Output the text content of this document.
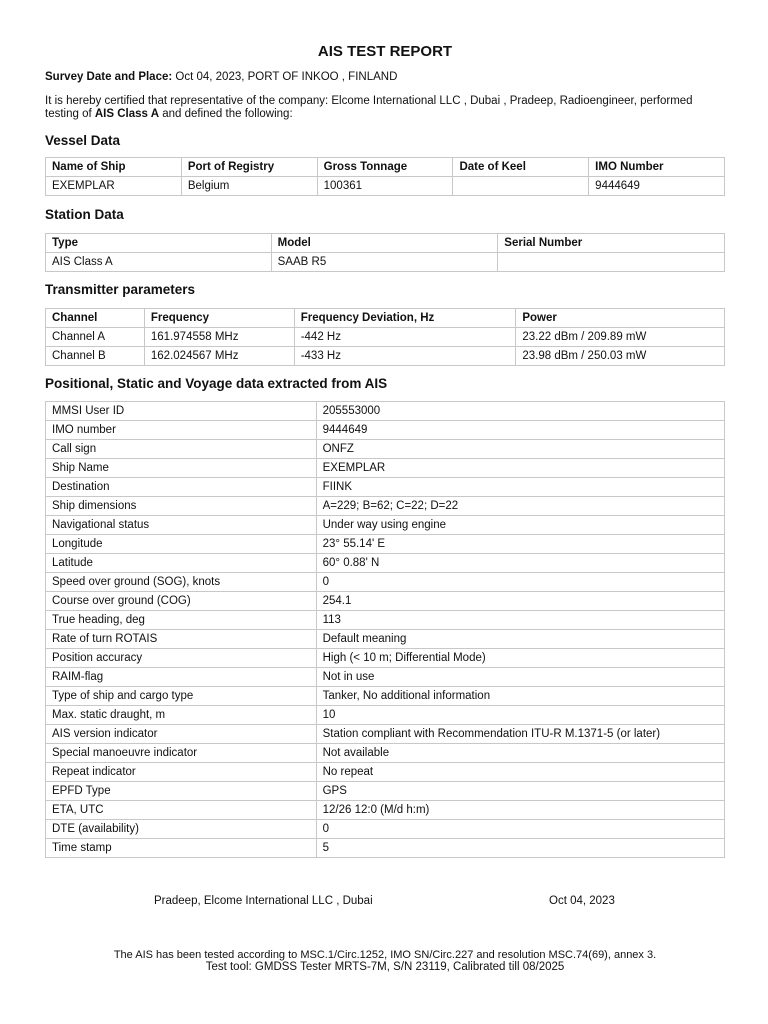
AIS TEST REPORT
Survey Date and Place: Oct 04, 2023, PORT OF INKOO , FINLAND
It is hereby certified that representative of the company: Elcome International LLC , Dubai , Pradeep, Radioengineer, performed testing of AIS Class A and defined the following:
Vessel Data
Name of Ship	Port of Registry	Gross Tonnage	Date of Keel	IMO Number
EXEMPLAR	Belgium	100361		9444649
Station Data
Type	Model	Serial Number
AIS Class A	SAAB R5	
Transmitter parameters
Channel	Frequency	Frequency Deviation, Hz	Power
Channel A	161.974558 MHz	-442 Hz	23.22 dBm / 209.89 mW
Channel B	162.024567 MHz	-433 Hz	23.98 dBm / 250.03 mW
Positional, Static and Voyage data extracted from AIS
MMSI User ID	205553000
IMO number	9444649
Call sign	ONFZ
Ship Name	EXEMPLAR
Destination	FIINK
Ship dimensions	A=229; B=62; C=22; D=22
Navigational status	Under way using engine
Longitude	23° 55.14' E
Latitude	60° 0.88' N
Speed over ground (SOG), knots	0
Course over ground (COG)	254.1
True heading, deg	113
Rate of turn ROTAIS	Default meaning
Position accuracy	High (< 10 m; Differential Mode)
RAIM-flag	Not in use
Type of ship and cargo type	Tanker, No additional information
Max. static draught, m	10
AIS version indicator	Station compliant with Recommendation ITU-R M.1371-5 (or later)
Special manoeuvre indicator	Not available
Repeat indicator	No repeat
EPFD Type	GPS
ETA, UTC	12/26 12:0 (M/d h:m)
DTE (availability)	0
Time stamp	5
Pradeep, Elcome International LLC , Dubai	Oct 04, 2023
The AIS has been tested according to MSC.1/Circ.1252, IMO SN/Circ.227 and resolution MSC.74(69), annex 3.
Test tool: GMDSS Tester MRTS-7M, S/N 23119, Calibrated till 08/2025
